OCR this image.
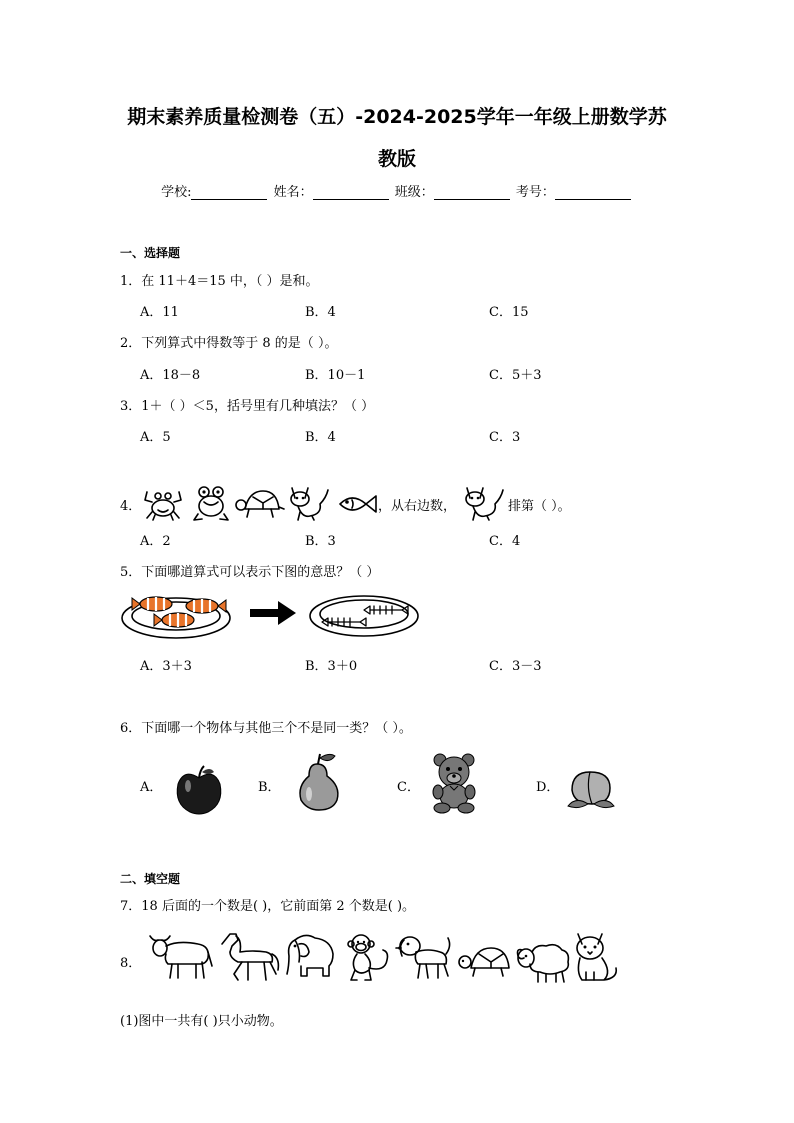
期末素养质量检测卷（五）-2024-2025学年一年级上册数学苏
教版
学校:	姓名：	班级：	考号：
一、选择题
1．在 11＋4＝15 中，（ ）是和。
A．11	B．4	C．15
2．下列算式中得数等于 8 的是（ ）。
A．18－8	B．10－1	C．5＋3
3．1＋（ ）＜5，括号里有几种填法？（ ）
A．5	B．4	C．3
4．	，从右边数，	排第（ ）。
A．2	B．3	C．4
5．下面哪道算式可以表示下图的意思？（ ）
A．3＋3	B．3＋0	C．3－3
6．下面哪一个物体与其他三个不是同一类？（ ）。
A．	B．	C．	D．
二、填空题
7．18 后面的一个数是( )，它前面第 2 个数是( )。
8．
(1)图中一共有( )只小动物。
